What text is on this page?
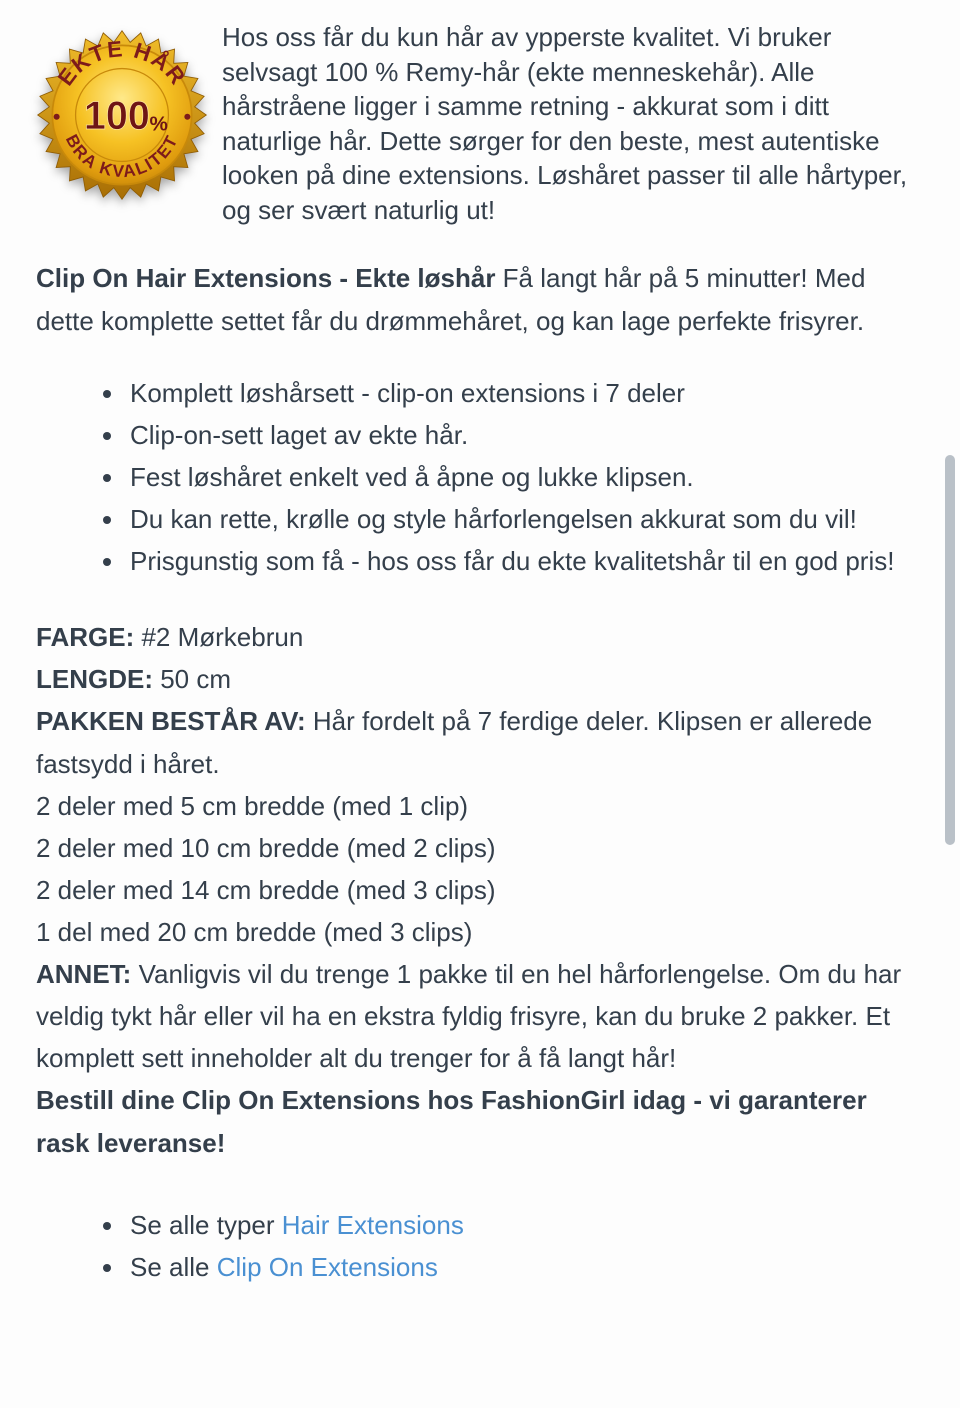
EKTE HÅR
BRA KVALITET
100 %

Hos oss får du kun hår av ypperste kvalitet. Vi bruker selvsagt 100 % Remy-hår (ekte menneskehår). Alle hårstråene ligger i samme retning - akkurat som i ditt naturlige hår. Dette sørger for den beste, mest autentiske looken på dine extensions. Løshåret passer til alle hårtyper, og ser svært naturlig ut!

Clip On Hair Extensions - Ekte løshår Få langt hår på 5 minutter! Med dette komplette settet får du drømmehåret, og kan lage perfekte frisyrer.

• Komplett løshårsett - clip-on extensions i 7 deler
• Clip-on-sett laget av ekte hår.
• Fest løshåret enkelt ved å åpne og lukke klipsen.
• Du kan rette, krølle og style hårforlengelsen akkurat som du vil!
• Prisgunstig som få - hos oss får du ekte kvalitetshår til en god pris!
FARGE: #2 Mørkebrun
LENGDE: 50 cm
PAKKEN BESTÅR AV: Hår fordelt på 7 ferdige deler. Klipsen er allerede fastsydd i håret.
2 deler med 5 cm bredde (med 1 clip)
2 deler med 10 cm bredde (med 2 clips)
2 deler med 14 cm bredde (med 3 clips)
1 del med 20 cm bredde (med 3 clips)
ANNET: Vanligvis vil du trenge 1 pakke til en hel hårforlengelse. Om du har veldig tykt hår eller vil ha en ekstra fyldig frisyre, kan du bruke 2 pakker. Et komplett sett inneholder alt du trenger for å få langt hår!
Bestill dine Clip On Extensions hos FashionGirl idag - vi garanterer rask leveranse!
• Se alle typer Hair Extensions
• Se alle Clip On Extensions
